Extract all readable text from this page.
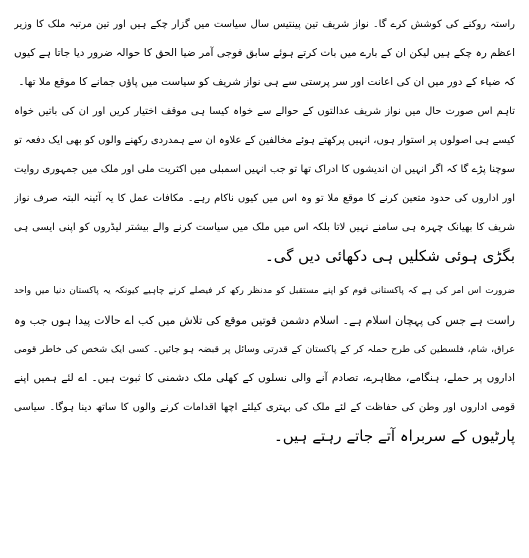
راستہ روکنے کی کوشش کرے گا۔ نواز شریف تین پینتیس سال سیاست میں گزار چکے ہیں اور تین مرتبہ ملک کا وزیر
اعظم رہ چکے ہیں لیکن ان کے بارے میں بات کرتے ہوئے سابق فوجی آمر ضیا الحق کا حوالہ ضرور دیا جاتا ہے کیوں
کہ ضیاء کے دور میں ان کی اعانت اور سر پرستی سے ہی نواز شریف کو سیاست میں پاؤں جمانے کا موقع ملا تھا۔
تاہم اس صورت حال میں نواز شریف عدالتوں کے حوالے سے خواہ کیسا ہی موقف اختیار کریں اور ان کی باتیں خواہ
کیسے ہی اصولوں پر استوار ہوں، انہیں پرکھتے ہوئے مخالفین کے علاوہ ان سے ہمدردی رکھنے والوں کو بھی ایک دفعہ تو
سوچنا پڑے گا کہ اگر انہیں ان اندیشوں کا ادراک تھا تو جب انہیں اسمبلی میں اکثریت ملی اور ملک میں جمہوری روایت
اور اداروں کی حدود متعین کرنے کا موقع ملا تو وہ اس میں کیوں ناکام رہے۔ مکافات عمل کا یہ آئینہ البتہ صرف نواز
شریف کا بھیانک چہرہ ہی سامنے نہیں لاتا بلکہ اس میں ملک میں سیاست کرنے والے بیشتر لیڈروں کو اپنی ایسی ہی
بگڑی ہوئی شکلیں ہی دکھائی دیں گی۔
ضرورت اس امر کی ہے کہ پاکستانی قوم کو اپنے مستقبل کو مدنظر رکھ کر فیصلے کرنے چاہیے کیونکہ یہ پاکستان دنیا میں واحد
راست ہے جس کی پہچان اسلام ہے۔ اسلام دشمن قوتیں موقع کی تلاش میں کب اے حالات پیدا ہوں جب وہ
عراق، شام، فلسطین کی طرح حملہ کر کے پاکستان کے قدرتی وسائل پر قبضہ ہو جائیں۔ کسی ایک شخص کی خاطر قومی
اداروں پر حملے، ہنگامے، مظاہرے، تصادم آنے والی نسلوں کے کھلی ملک دشمنی کا ثبوت ہیں۔ اے لئے ہمیں اپنے
قومی اداروں اور وطن کی حفاظت کے لئے ملک کی بہتری کیلئے اچھا اقدامات کرنے والوں کا ساتھ دینا ہوگا۔ سیاسی
پارٹیوں کے سربراہ آتے جاتے رہتے ہیں۔
